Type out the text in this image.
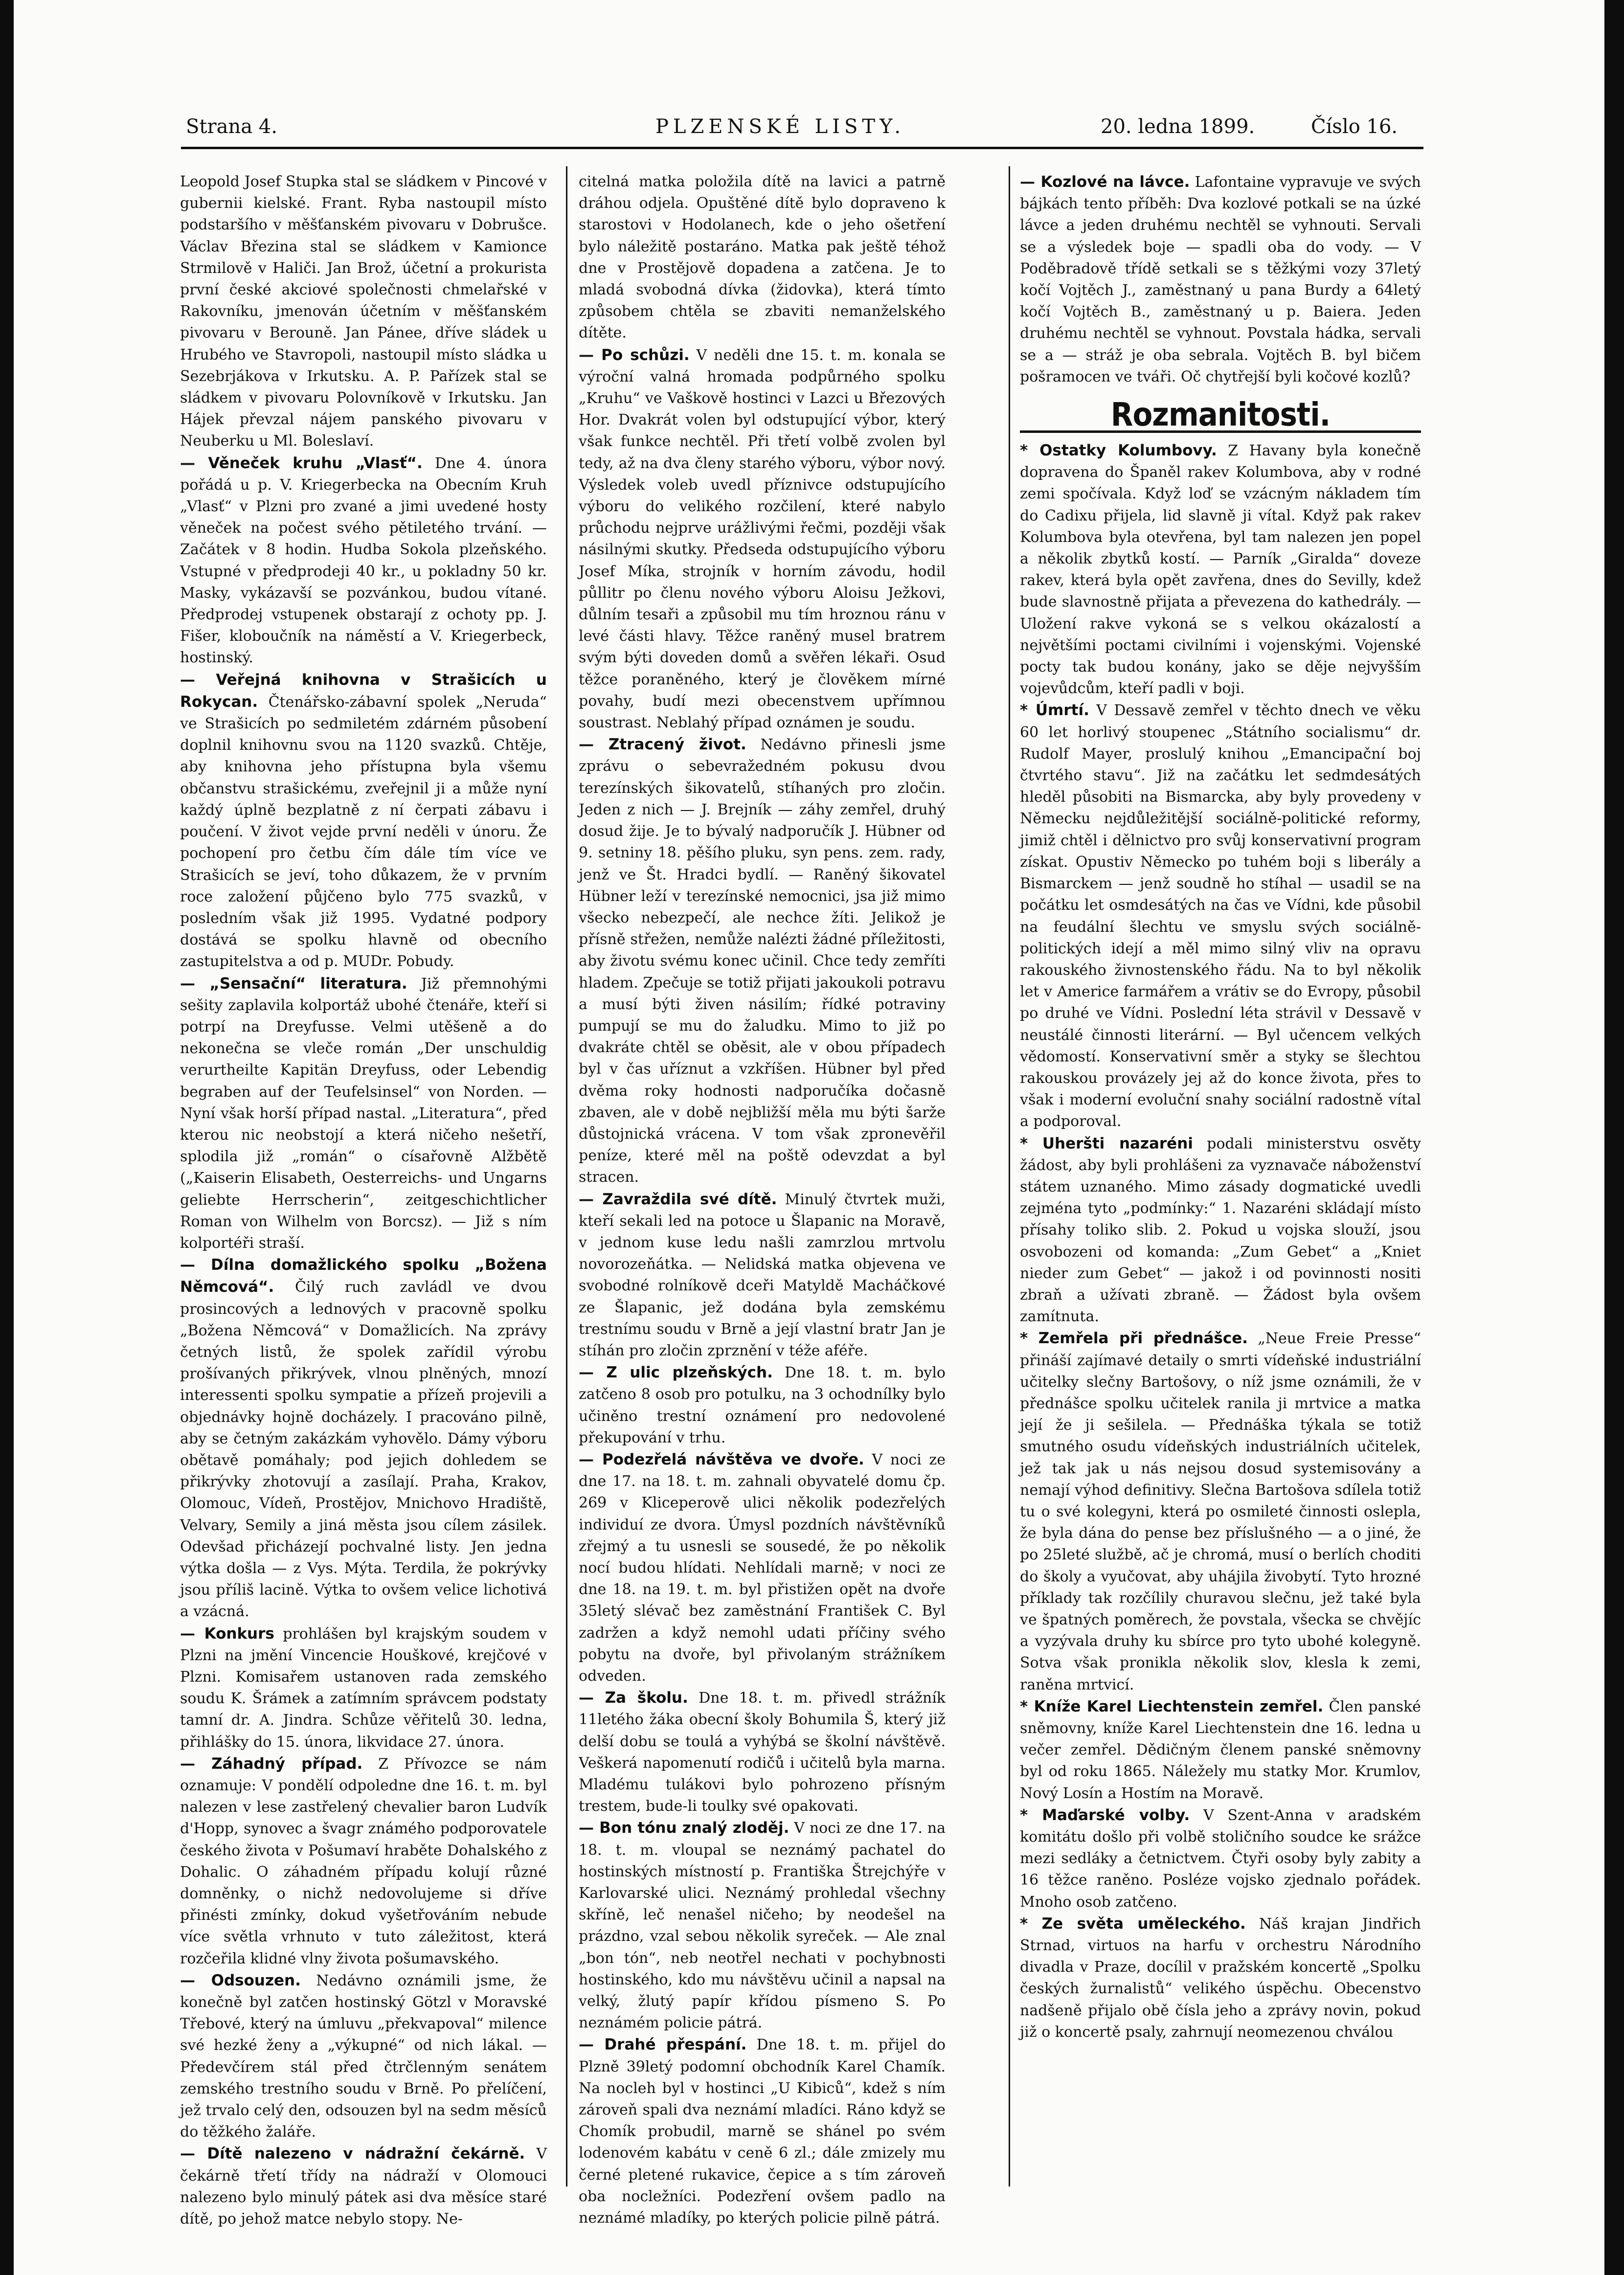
Strana 4.	PLZENSKÉ LISTY.	20. ledna 1899.	Číslo 16.

Leopold Josef Stupka stal se sládkem v Pincové v gubernii kielské. Frant. Ryba nastoupil místo podstaršího v měšťanském pivovaru v Dobrušce. Václav Březina stal se sládkem v Kamionce Strmilově v Haliči. Jan Brož, účetní a prokurista první české akciové společnosti chmelařské v Rakovníku, jmenován účetním v měšťanském pivovaru v Berouně. Jan Pánee, dříve sládek u Hrubého ve Stavropoli, nastoupil místo sládka u Sezebrjákova v Irkutsku. A. P. Pařízek stal se sládkem v pivovaru Polovníkově v Irkutsku. Jan Hájek převzal nájem panského pivovaru v Neuberku u Ml. Boleslaví.

— Věneček kruhu „Vlasť“. Dne 4. února pořádá u p. V. Kriegerbecka na Obecním Kruh „Vlasť“ v Plzni pro zvané a jimi uvedené hosty věneček na počest svého pětiletého trvání. — Začátek v 8 hodin. Hudba Sokola plzeňského. Vstupné v předprodeji 40 kr., u pokladny 50 kr. Masky, vykázavší se pozvánkou, budou vítané. Předprodej vstupenek obstarají z ochoty pp. J. Fišer, kloboučník na náměstí a V. Kriegerbeck, hostinský.

— Veřejná knihovna v Strašicích u Rokycan. Čtenářsko-zábavní spolek „Neruda“ ve Strašicích po sedmiletém zdárném působení doplnil knihovnu svou na 1120 svazků. Chtěje, aby knihovna jeho přístupna byla všemu občanstvu strašickému, zveřejnil ji a může nyní každý úplně bezplatně z ní čerpati zábavu i poučení. V život vejde první neděli v únoru. Že pochopení pro četbu čím dále tím více ve Strašicích se jeví, toho důkazem, že v prvním roce založení půjčeno bylo 775 svazků, v posledním však již 1995. Vydatné podpory dostává se spolku hlavně od obecního zastupitelstva a od p. MUDr. Pobudy.

— „Sensační“ literatura. Již přemnohými sešity zaplavila kolportáž ubohé čtenáře, kteří si potrpí na Dreyfusse. Velmi utěšeně a do nekonečna se vleče román „Der unschuldig verurtheilte Kapitän Dreyfuss, oder Lebendig begraben auf der Teufelsinsel“ von Norden. — Nyní však horší případ nastal. „Literatura“, před kterou nic neobstojí a která ničeho nešetří, splodila již „román“ o císařovně Alžbětě („Kaiserin Elisabeth, Oesterreichs- und Ungarns geliebte Herrscherin“, zeitgeschichtlicher Roman von Wilhelm von Borcsz). — Již s ním kolportéři straší.

— Dílna domažlického spolku „Božena Němcová“. Čilý ruch zavládl ve dvou prosincových a lednových v pracovně spolku „Božena Němcová“ v Domažlicích. Na zprávy četných listů, že spolek zařídil výrobu prošívaných přikrývek, vlnou plněných, mnozí interessenti spolku sympatie a přízeň projevili a objednávky hojně docházely. I pracováno pilně, aby se četným zakázkám vyhovělo. Dámy výboru obětavě pomáhaly; pod jejich dohledem se přikrývky zhotovují a zasílají. Praha, Krakov, Olomouc, Vídeň, Prostějov, Mnichovo Hradiště, Velvary, Semily a jiná města jsou cílem zásilek. Odevšad přicházejí pochvalné listy. Jen jedna výtka došla — z Vys. Mýta. Terdila, že pokrývky jsou příliš lacině. Výtka to ovšem velice lichotivá a vzácná.

— Konkurs prohlášen byl krajským soudem v Plzni na jmění Vincencie Houškové, krejčové v Plzni. Komisařem ustanoven rada zemského soudu K. Šrámek a zatímním správcem podstaty tamní dr. A. Jindra. Schůze věřitelů 30. ledna, přihlášky do 15. února, likvidace 27. února.

— Záhadný případ. Z Přívozce se nám oznamuje: V pondělí odpoledne dne 16. t. m. byl nalezen v lese zastřelený chevalier baron Ludvík d'Hopp, synovec a švagr známého podporovatele českého života v Pošumaví hraběte Dohalského z Dohalic. O záhadném případu kolují různé domněnky, o nichž nedovolujeme si dříve přinésti zmínky, dokud vyšetřováním nebude více světla vrhnuto v tuto záležitost, která rozčeřila klidné vlny života pošumavského.

— Odsouzen. Nedávno oznámili jsme, že konečně byl zatčen hostinský Götzl v Moravské Třebové, který na úmluvu „překvapoval“ milence své hezké ženy a „výkupné“ od nich lákal. — Předevčírem stál před čtrčlenným senátem zemského trestního soudu v Brně. Po přelíčení, jež trvalo celý den, odsouzen byl na sedm měsíců do těžkého žaláře.

— Dítě nalezeno v nádražní čekárně. V čekárně třetí třídy na nádraží v Olomouci nalezeno bylo minulý pátek asi dva měsíce staré dítě, po jehož matce nebylo stopy. Ne-

citelná matka položila dítě na lavici a patrně dráhou odjela. Opuštěné dítě bylo dopraveno k starostovi v Hodolanech, kde o jeho ošetření bylo náležitě postaráno. Matka pak ještě téhož dne v Prostějově dopadena a zatčena. Je to mladá svobodná dívka (židovka), která tímto způsobem chtěla se zbaviti nemanželského dítěte.

— Po schůzi. V neděli dne 15. t. m. konala se výroční valná hromada podpůrného spolku „Kruhu“ ve Vaškově hostinci v Lazci u Březových Hor. Dvakrát volen byl odstupující výbor, který však funkce nechtěl. Při třetí volbě zvolen byl tedy, až na dva členy starého výboru, výbor nový. Výsledek voleb uvedl příznivce odstupujícího výboru do velikého rozčilení, které nabylo průchodu nejprve urážlivými řečmi, později však násilnými skutky. Předseda odstupujícího výboru Josef Míka, strojník v horním závodu, hodil půllitr po členu nového výboru Aloisu Ježkovi, důlním tesaři a způsobil mu tím hroznou ránu v levé části hlavy. Těžce raněný musel bratrem svým býti doveden domů a svěřen lékaři. Osud těžce poraněného, který je člověkem mírné povahy, budí mezi obecenstvem upřímnou soustrast. Neblahý případ oznámen je soudu.

— Ztracený život. Nedávno přinesli jsme zprávu o sebevražedném pokusu dvou terezínských šikovatelů, stíhaných pro zločin. Jeden z nich — J. Brejník — záhy zemřel, druhý dosud žije. Je to bývalý nadporučík J. Hübner od 9. setniny 18. pěšího pluku, syn pens. zem. rady, jenž ve Št. Hradci bydlí. — Raněný šikovatel Hübner leží v terezínské nemocnici, jsa již mimo všecko nebezpečí, ale nechce žíti. Jelikož je přísně střežen, nemůže nalézti žádné příležitosti, aby životu svému konec učinil. Chce tedy zemříti hladem. Zpečuje se totiž přijati jakoukoli potravu a musí býti živen násilím; řídké potraviny pumpují se mu do žaludku. Mimo to již po dvakráte chtěl se oběsit, ale v obou případech byl v čas uříznut a vzkříšen. Hübner byl před dvěma roky hodnosti nadporučíka dočasně zbaven, ale v době nejbližší měla mu býti šarže důstojnická vrácena. V tom však zpronevěřil peníze, které měl na poště odevzdat a byl stracen.

— Zavraždila své dítě. Minulý čtvrtek muži, kteří sekali led na potoce u Šlapanic na Moravě, v jednom kuse ledu našli zamrzlou mrtvolu novorozeňátka. — Nelidská matka objevena ve svobodné rolníkově dceři Matyldě Macháčkové ze Šlapanic, jež dodána byla zemskému trestnímu soudu v Brně a její vlastní bratr Jan je stíhán pro zločin zprznění v téže aféře.

— Z ulic plzeňských. Dne 18. t. m. bylo zatčeno 8 osob pro potulku, na 3 ochodnílky bylo učiněno trestní oznámení pro nedovolené překupování v trhu.

— Podezřelá návštěva ve dvoře. V noci ze dne 17. na 18. t. m. zahnali obyvatelé domu čp. 269 v Kliceperově ulici několik podezřelých individuí ze dvora. Úmysl pozdních návštěvníků zřejmý a tu usnesli se sousedé, že po několik nocí budou hlídati. Nehlídali marně; v noci ze dne 18. na 19. t. m. byl přistižen opět na dvoře 35letý slévač bez zaměstnání František C. Byl zadržen a když nemohl udati příčiny svého pobytu na dvoře, byl přivolaným strážníkem odveden.

— Za školu. Dne 18. t. m. přivedl strážník 11letého žáka obecní školy Bohumila Š, který již delší dobu se toulá a vyhýbá se školní návštěvě. Veškerá napomenutí rodičů i učitelů byla marna. Mladému tulákovi bylo pohrozeno přísným trestem, bude-li toulky své opakovati.

— Bon tónu znalý zloděj. V noci ze dne 17. na 18. t. m. vloupal se neznámý pachatel do hostinských místností p. Františka Štrejchýře v Karlovarské ulici. Neznámý prohledal všechny skříně, leč nenašel ničeho; by neodešel na prázdno, vzal sebou několik syreček. — Ale znal „bon tón“, neb neotřel nechati v pochybnosti hostinského, kdo mu návštěvu učinil a napsal na velký, žlutý papír křídou písmeno S. Po neznámém policie pátrá.

— Drahé přespání. Dne 18. t. m. přijel do Plzně 39letý podomní obchodník Karel Chamík. Na nocleh byl v hostinci „U Kibiců“, kdež s ním zároveň spali dva neznámí mladíci. Ráno když se Chomík probudil, marně se shánel po svém lodenovém kabátu v ceně 6 zl.; dále zmizely mu černé pletené rukavice, čepice a s tím zároveň oba nocležníci. Podezření ovšem padlo na neznámé mladíky, po kterých policie pilně pátrá.

— Kozlové na lávce. Lafontaine vypravuje ve svých bájkách tento příběh: Dva kozlové potkali se na úzké lávce a jeden druhému nechtěl se vyhnouti. Servali se a výsledek boje — spadli oba do vody. — V Poděbradově třídě setkali se s těžkými vozy 37letý kočí Vojtěch J., zaměstnaný u pana Burdy a 64letý kočí Vojtěch B., zaměstnaný u p. Baiera. Jeden druhému nechtěl se vyhnout. Povstala hádka, servali se a — stráž je oba sebrala. Vojtěch B. byl bičem pošramocen ve tváři. Oč chytřejší byli kočové kozlů?

Rozmanitosti.

* Ostatky Kolumbovy. Z Havany byla konečně dopravena do Španěl rakev Kolumbova, aby v rodné zemi spočívala. Když loď se vzácným nákladem tím do Cadixu přijela, lid slavně ji vítal. Když pak rakev Kolumbova byla otevřena, byl tam nalezen jen popel a několik zbytků kostí. — Parník „Giralda“ doveze rakev, která byla opět zavřena, dnes do Sevilly, kdež bude slavnostně přijata a převezena do kathedrály. — Uložení rakve vykoná se s velkou okázalostí a největšími poctami civilními i vojenskými. Vojenské pocty tak budou konány, jako se děje nejvyšším vojevůdcům, kteří padli v boji.

* Úmrtí. V Dessavě zemřel v těchto dnech ve věku 60 let horlivý stoupenec „Státního socialismu“ dr. Rudolf Mayer, proslulý knihou „Emancipační boj čtvrtého stavu“. Již na začátku let sedmdesátých hleděl působiti na Bismarcka, aby byly provedeny v Německu nejdůležitější sociálně-politické reformy, jimiž chtěl i dělnictvo pro svůj konservativní program získat. Opustiv Německo po tuhém boji s liberály a Bismarckem — jenž soudně ho stíhal — usadil se na počátku let osmdesátých na čas ve Vídni, kde působil na feudální šlechtu ve smyslu svých sociálně-politických idejí a měl mimo silný vliv na opravu rakouského živnostenského řádu. Na to byl několik let v Americe farmářem a vrátiv se do Evropy, působil po druhé ve Vídni. Poslední léta strávil v Dessavě v neustálé činnosti literární. — Byl učencem velkých vědomostí. Konservativní směr a styky se šlechtou rakouskou provázely jej až do konce života, přes to však i moderní evoluční snahy sociální radostně vítal a podporoval.

* Uheršti nazaréni podali ministerstvu osvěty žádost, aby byli prohlášeni za vyznavače náboženství státem uznaného. Mimo zásady dogmatické uvedli zejména tyto „podmínky:“ 1. Nazaréni skládají místo přísahy toliko slib. 2. Pokud u vojska slouží, jsou osvobozeni od komanda: „Zum Gebet“ a „Kniet nieder zum Gebet“ — jakož i od povinnosti nositi zbraň a užívati zbraně. — Žádost byla ovšem zamítnuta.

* Zemřela při přednášce. „Neue Freie Presse“ přináší zajímavé detaily o smrti vídeňské industriální učitelky slečny Bartošovy, o níž jsme oznámili, že v přednášce spolku učitelek ranila ji mrtvice a matka její že ji sešilela. — Přednáška týkala se totiž smutného osudu vídeňských industriálních učitelek, jež tak jak u nás nejsou dosud systemisovány a nemají výhod definitivy. Slečna Bartošova sdílela totiž tu o své kolegyni, která po osmileté činnosti oslepla, že byla dána do pense bez příslušného — a o jiné, že po 25leté službě, ač je chromá, musí o berlích choditi do školy a vyučovat, aby uhájila živobytí. Tyto hrozné příklady tak rozčílily churavou slečnu, jež také byla ve špatných poměrech, že povstala, všecka se chvějíc a vyzývala druhy ku sbírce pro tyto ubohé kolegyně. Sotva však pronikla několik slov, klesla k zemi, raněna mrtvicí.

* Kníže Karel Liechtenstein zemřel. Člen panské sněmovny, kníže Karel Liechtenstein dne 16. ledna u večer zemřel. Dědičným členem panské sněmovny byl od roku 1865. Náležely mu statky Mor. Krumlov, Nový Losín a Hostím na Moravě.

* Maďarské volby. V Szent-Anna v aradském komitátu došlo při volbě stoličního soudce ke srážce mezi sedláky a četnictvem. Čtyři osoby byly zabity a 16 těžce raněno. Posléze vojsko zjednalo pořádek. Mnoho osob zatčeno.

* Ze světa uměleckého. Náš krajan Jindřich Strnad, virtuos na harfu v orchestru Národního divadla v Praze, docílil v pražském koncertě „Spolku českých žurnalistů“ velikého úspěchu. Obecenstvo nadšeně přijalo obě čísla jeho a zprávy novin, pokud již o koncertě psaly, zahrnují neomezenou chválou
